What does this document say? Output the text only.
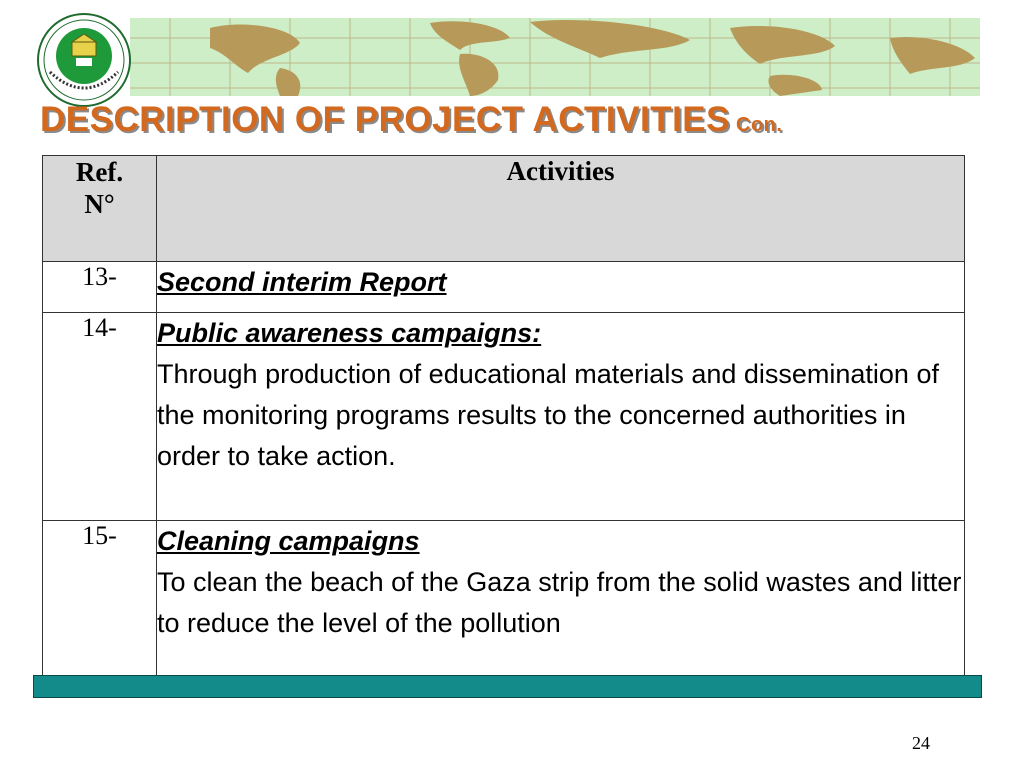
DESCRIPTION OF PROJECT ACTIVITIES Con.
Ref.
N°	Activities
13-	Second interim Report

14-	Public awareness campaigns:
Through production of educational materials and dissemination of the monitoring programs results to the concerned authorities in order to take action.

15-	Cleaning campaigns
To clean the beach of the Gaza strip from the solid wastes and litter to reduce the level of the pollution
24
